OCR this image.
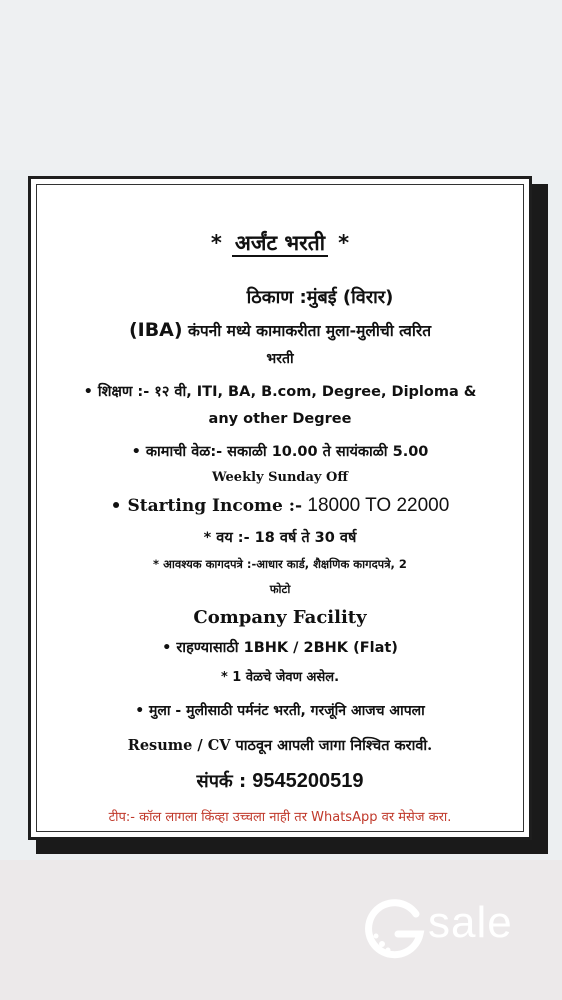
* अर्जंट भरती *
ठिकाण :मुंबई (विरार)
(IBA) कंपनी मध्ये कामाकरीता मुला-मुलीची त्वरित
भरती
• शिक्षण :- १२ वी, ITI, BA, B.com, Degree, Diploma &
any other Degree
• कामाची वेळ:- सकाळी 10.00 ते सायंकाळी 5.00
Weekly Sunday Off
• Starting Income :- 18000 TO 22000
* वय :- 18 वर्ष ते 30 वर्ष
* आवश्यक कागदपत्रे :-आधार कार्ड, शैक्षणिक कागदपत्रे, 2
फोटो
Company Facility
• राहण्यासाठी 1BHK / 2BHK (Flat)
* 1 वेळचे जेवण असेल.
• मुला - मुलीसाठी पर्मनंट भरती, गरजूंनि आजच आपला
Resume / CV पाठवून आपली जागा निश्चित करावी.
संपर्क : 9545200519
टीप:- कॉल लागला किंव्हा उच्चला नाही तर WhatsApp वर मेसेज करा.
sale
